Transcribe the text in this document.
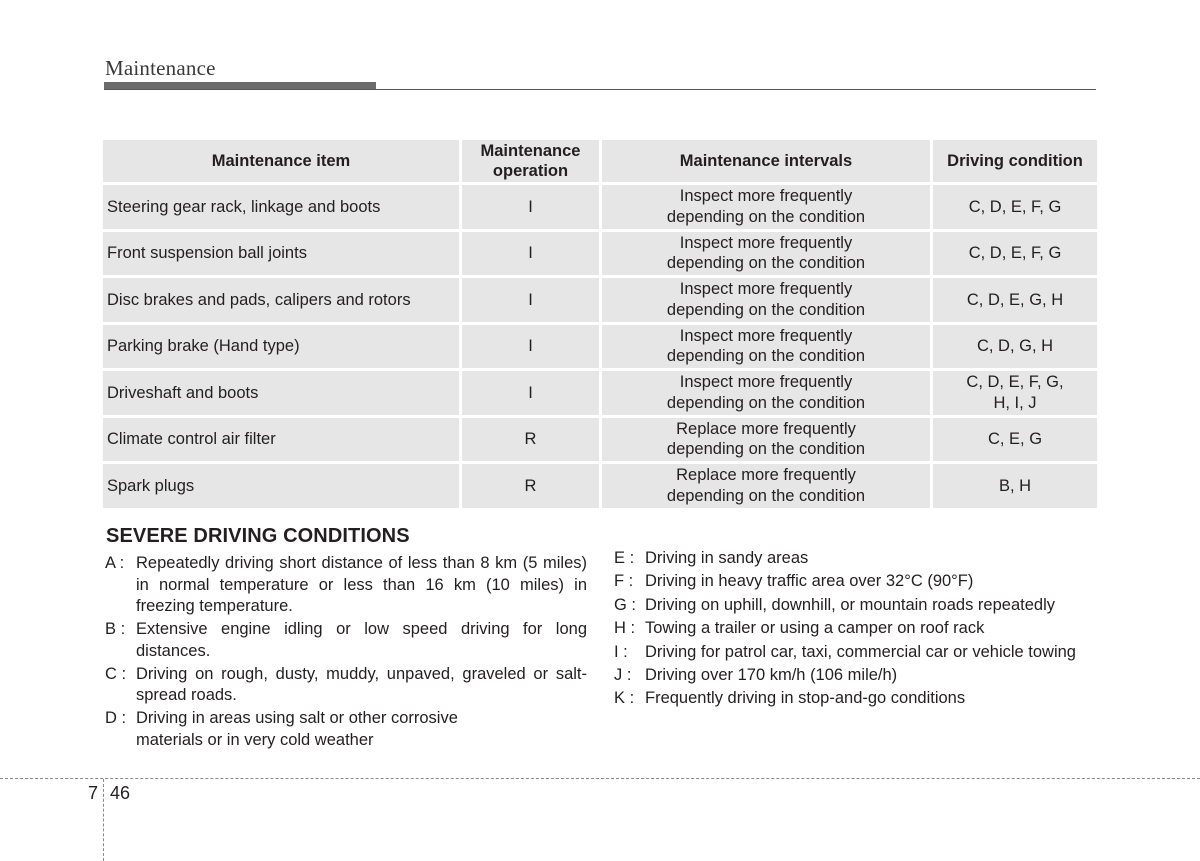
Maintenance
Maintenance item	Maintenance operation	Maintenance intervals	Driving condition
Steering gear rack, linkage and boots	I	Inspect more frequently depending on the condition	C, D, E, F, G
Front suspension ball joints	I	Inspect more frequently depending on the condition	C, D, E, F, G
Disc brakes and pads, calipers and rotors	I	Inspect more frequently depending on the condition	C, D, E, G, H
Parking brake (Hand type)	I	Inspect more frequently depending on the condition	C, D, G, H
Driveshaft and boots	I	Inspect more frequently depending on the condition	C, D, E, F, G, H, I, J
Climate control air filter	R	Replace more frequently depending on the condition	C, E, G
Spark plugs	R	Replace more frequently depending on the condition	B, H
SEVERE DRIVING CONDITIONS
A : Repeatedly driving short distance of less than 8 km (5 miles) in normal temperature or less than 16 km (10 miles) in freezing temperature.
B : Extensive engine idling or low speed driving for long distances.
C : Driving on rough, dusty, muddy, unpaved, graveled or salt-spread roads.
D : Driving in areas using salt or other corrosive materials or in very cold weather
E : Driving in sandy areas
F : Driving in heavy traffic area over 32°C (90°F)
G : Driving on uphill, downhill, or mountain roads repeatedly
H : Towing a trailer or using a camper on roof rack
I :	Driving for patrol car, taxi, commercial car or vehicle towing
J : Driving over 170 km/h (106 mile/h)
K : Frequently driving in stop-and-go conditions
7 46
